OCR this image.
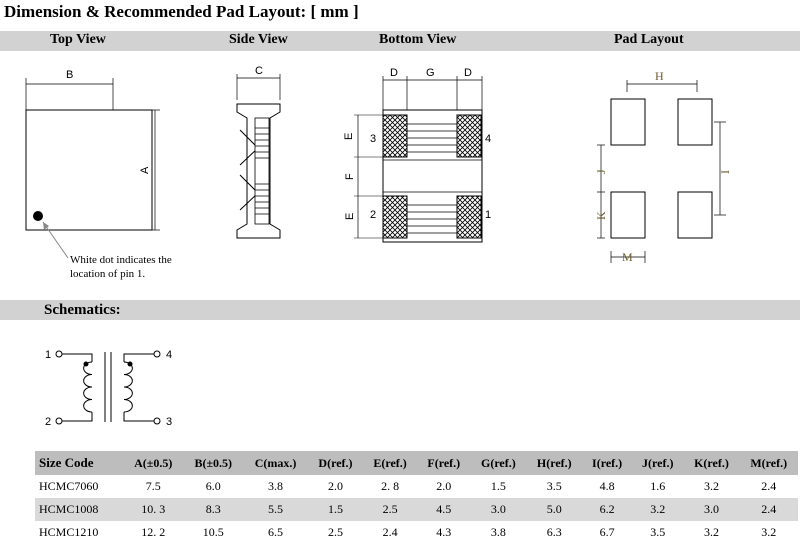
Dimension & Recommended Pad Layout: [ mm ]
Top View	Side View	Bottom View	Pad Layout
B
A
C	D	G	D
E
F
E
3	4
2	1
H
I
J
K
M
1
2
4
3
White dot indicates the
location of pin 1.
Schematics:
Size Code	A(±0.5)	B(±0.5)	C(max.)	D(ref.)	E(ref.)	F(ref.)	G(ref.)	H(ref.)	I(ref.)	J(ref.)	K(ref.)	M(ref.)
HCMC7060	7.5	6.0	3.8	2.0	2. 8	2.0	1.5	3.5	4.8	1.6	3.2	2.4
HCMC1008	10. 3	8.3	5.5	1.5	2.5	4.5	3.0	5.0	6.2	3.2	3.0	2.4
HCMC1210	12. 2	10.5	6.5	2.5	2.4	4.3	3.8	6.3	6.7	3.5	3.2	3.2
